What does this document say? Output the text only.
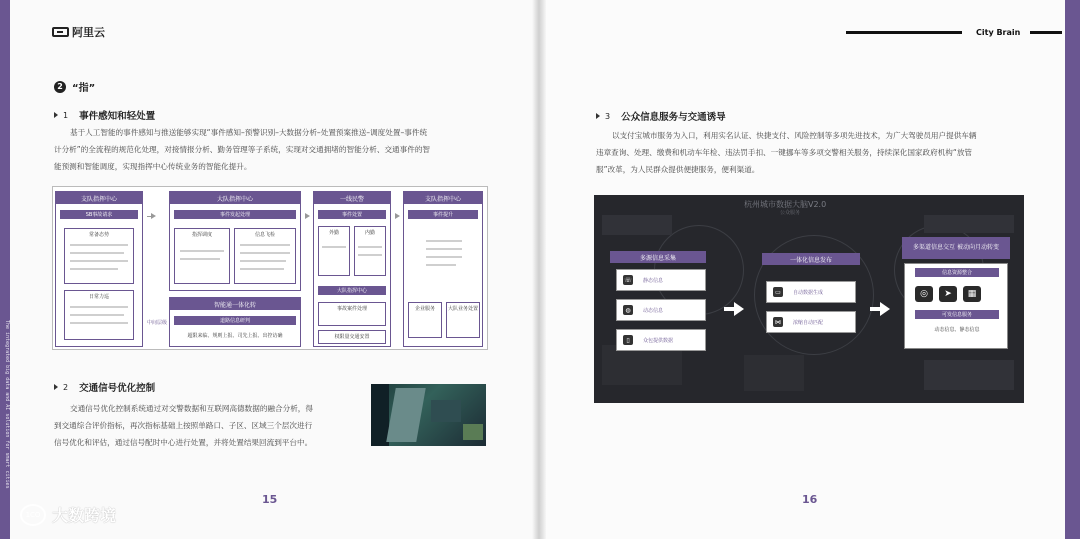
The integrated big data and AI solution for smart cities
阿里云
2 “指”
1 事件感知和轻处置
基于人工智能的事件感知与推送能够实现“事件感知–预警识别–大数据分析–处置预案推送–调度处置–事件统
计分析”的全流程的规范化处理，对接情报分析、勤务管理等子系统，实现对交通拥堵的智能分析、交通事件的智
能预测和智能调度，实现指挥中心传统业务的智能化提升。
支队指挥中心
SB事故请求
常备态势
日常力巡
中间层级
大队指挥中心
事件发起处理
指挥调度	信息飞检
智能通一体化转
道路信息研判
超限来临、规则上报、司先上报、出控访确
一线民警
事件处置
外勤	内勤
大队指挥中心
事故案件处理
权限量交通安置
支队指挥中心
事件提升
企业服务	大队业务处置
2 交通信号优化控制
交通信号优化控制系统通过对交警数据和互联网高德数据的融合分析，得
到交通综合评价指标，再次指标基础上按照单路口、子区、区域三个层次进行
信号优化和评估，通过信号配时中心进行处置，并将处置结果回流到平台中。
15
1CO 大数跨境
City Brain
3 公众信息服务与交通诱导
以支付宝城市服务为入口，利用实名认证、快捷支付、风险控制等多项先进技术，为广大驾驶员用户提供车辆
违章查询、处理、缴费和机动车年检、违法罚手扣、一键挪车等多项交警相关服务，持续深化国家政府机构“放管
服”改革，为人民群众提供便捷服务，便利渠道。
杭州城市数据大脑V2.0
公众服务
多源信息采集
☏ 静态信息
◍	动态信息
▯	众包提供数据
一体化信息发布
▭	自动数据生成
⋈	浓缩自动匹配
多渠道信息交互 被动向月动转变
信息资源整合
◎	➤	▦
可发信息服务
动态信息、静态信息
16
